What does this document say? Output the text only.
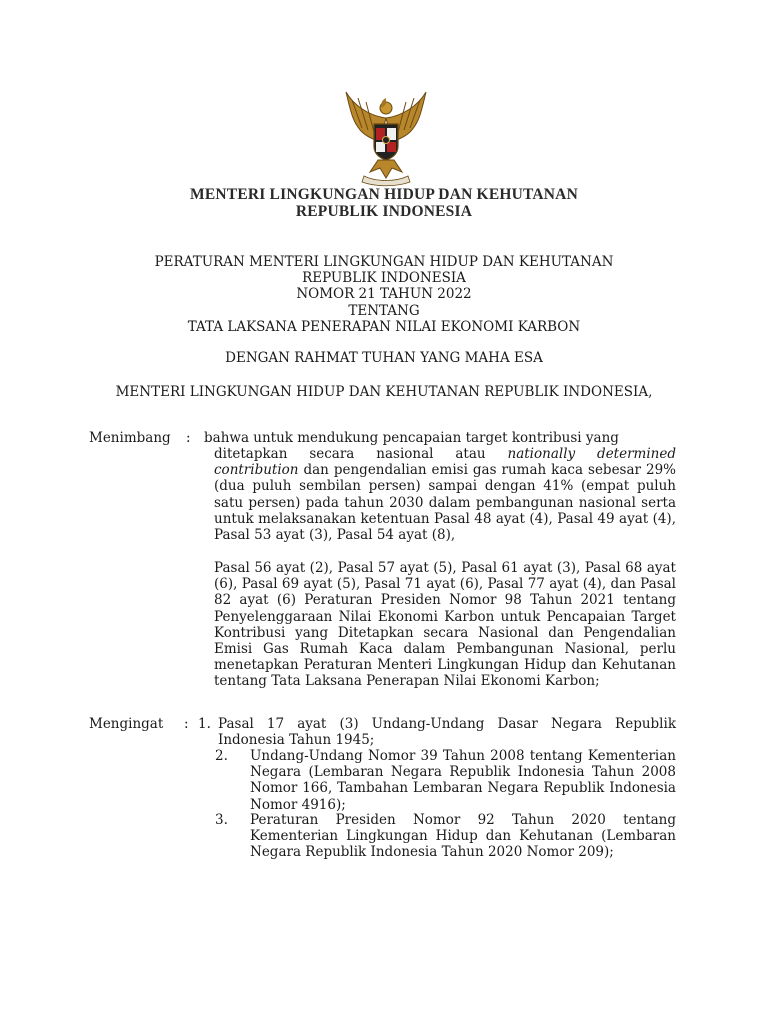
MENTERI LINGKUNGAN HIDUP DAN KEHUTANAN
REPUBLIK INDONESIA
PERATURAN MENTERI LINGKUNGAN HIDUP DAN KEHUTANAN
REPUBLIK INDONESIA
NOMOR 21 TAHUN 2022
TENTANG
TATA LAKSANA PENERAPAN NILAI EKONOMI KARBON
DENGAN RAHMAT TUHAN YANG MAHA ESA
MENTERI LINGKUNGAN HIDUP DAN KEHUTANAN REPUBLIK INDONESIA,
Menimbang : bahwa untuk mendukung pencapaian target kontribusi yang

ditetapkan secara nasional atau nationally determined contribution dan pengendalian emisi gas rumah kaca sebesar 29% (dua puluh sembilan persen) sampai dengan 41% (empat puluh satu persen) pada tahun 2030 dalam pembangunan nasional serta untuk melaksanakan ketentuan Pasal 48 ayat (4), Pasal 49 ayat (4), Pasal 53 ayat (3), Pasal 54 ayat (8),

Pasal 56 ayat (2), Pasal 57 ayat (5), Pasal 61 ayat (3), Pasal 68 ayat (6), Pasal 69 ayat (5), Pasal 71 ayat (6), Pasal 77 ayat (4), dan Pasal 82 ayat (6) Peraturan Presiden Nomor 98 Tahun 2021 tentang Penyelenggaraan Nilai Ekonomi Karbon untuk Pencapaian Target Kontribusi yang Ditetapkan secara Nasional dan Pengendalian Emisi Gas Rumah Kaca dalam Pembangunan Nasional, perlu menetapkan Peraturan Menteri Lingkungan Hidup dan Kehutanan tentang Tata Laksana Penerapan Nilai Ekonomi Karbon;

Mengingat : 1. Pasal 17 ayat (3) Undang-Undang Dasar Negara Republik Indonesia Tahun 1945;

2. Undang-Undang Nomor 39 Tahun 2008 tentang Kementerian Negara (Lembaran Negara Republik Indonesia Tahun 2008 Nomor 166, Tambahan Lembaran Negara Republik Indonesia Nomor 4916);

3. Peraturan Presiden Nomor 92 Tahun 2020 tentang Kementerian Lingkungan Hidup dan Kehutanan (Lembaran Negara Republik Indonesia Tahun 2020 Nomor 209);
